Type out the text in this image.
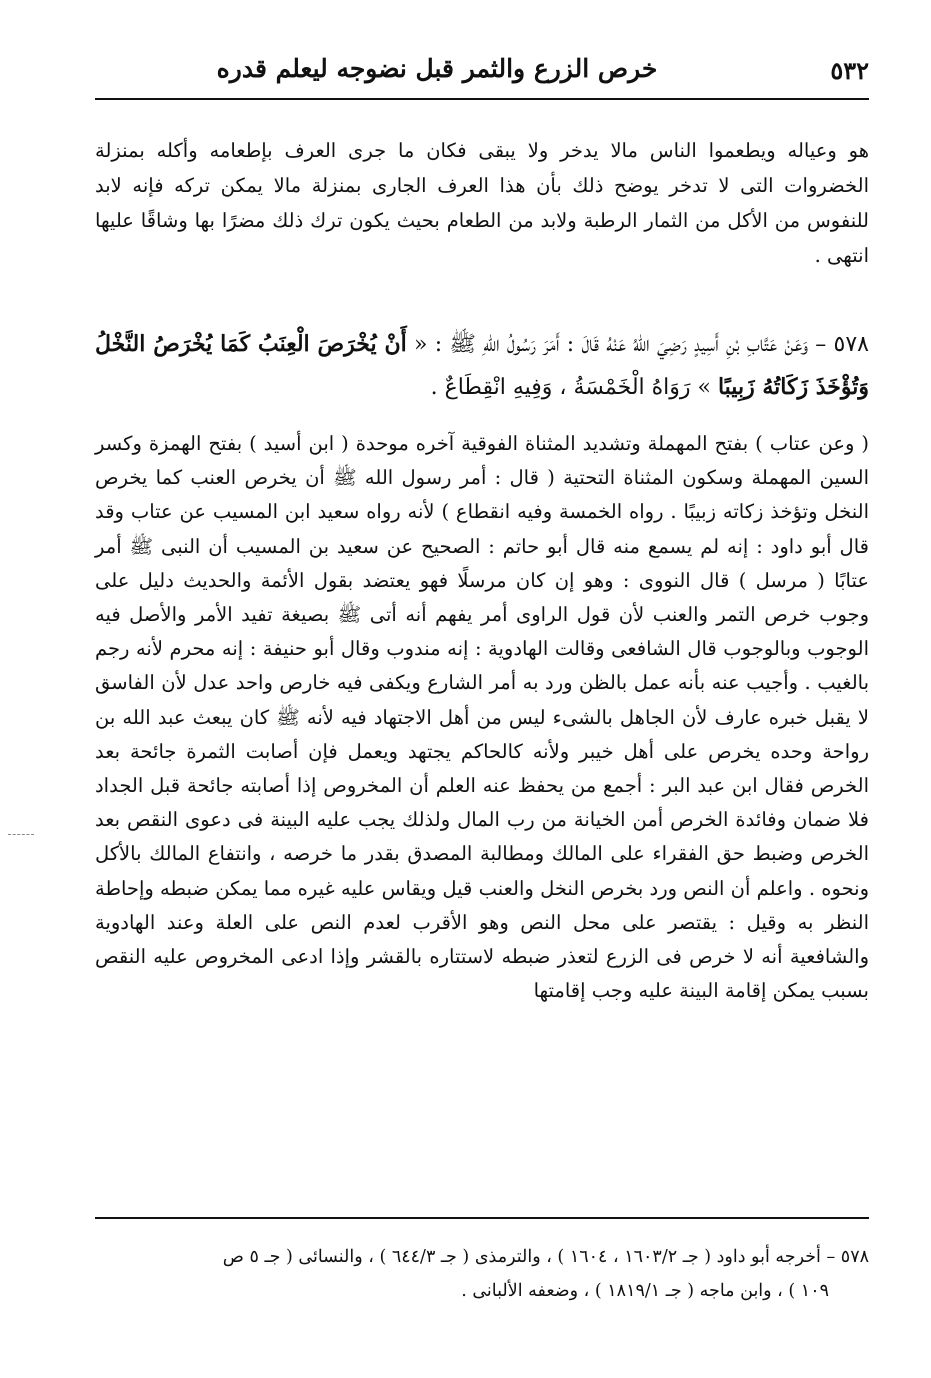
٥٣٢
خرص الزرع والثمر قبل نضوجه ليعلم قدره

هو وعياله ويطعموا الناس مالا يدخر ولا يبقى فكان ما جرى العرف بإطعامه وأكله بمنزلة الخضروات التى لا تدخر يوضح ذلك بأن هذا العرف الجارى بمنزلة مالا يمكن تركه فإنه لابد للنفوس من الأكل من الثمار الرطبة ولابد من الطعام بحيث يكون ترك ذلك مضرًا بها وشاقًا عليها انتهى .

٥٧٨ – وَعَنْ عَتَّابِ بْنِ أَسِيدٍ رَضِيَ اللهُ عَنْهُ قَالَ : أَمَرَ رَسُولُ اللهِ ﷺ : « أَنْ يُخْرَصَ الْعِنَبُ كَمَا يُخْرَصُ النَّخْلُ وَتُؤْخَذَ زَكَاتُهُ زَبِيبًا » رَوَاهُ الْخَمْسَةُ ، وَفِيهِ انْقِطَاعٌ .

( وعن عتاب ) بفتح المهملة وتشديد المثناة الفوقية آخره موحدة ( ابن أسيد ) بفتح الهمزة وكسر السين المهملة وسكون المثناة التحتية ( قال : أمر رسول الله ﷺ أن يخرص العنب كما يخرص النخل وتؤخذ زكاته زبيبًا . رواه الخمسة وفيه انقطاع ) لأنه رواه سعيد ابن المسيب عن عتاب وقد قال أبو داود : إنه لم يسمع منه قال أبو حاتم : الصحيح عن سعيد بن المسيب أن النبى ﷺ أمر عتابًا ( مرسل ) قال النووى : وهو إن كان مرسلًا فهو يعتضد بقول الأئمة والحديث دليل على وجوب خرص التمر والعنب لأن قول الراوى أمر يفهم أنه أتى ﷺ بصيغة تفيد الأمر والأصل فيه الوجوب وبالوجوب قال الشافعى وقالت الهادوية : إنه مندوب وقال أبو حنيفة : إنه محرم لأنه رجم بالغيب . وأجيب عنه بأنه عمل بالظن ورد به أمر الشارع ويكفى فيه خارص واحد عدل لأن الفاسق لا يقبل خبره عارف لأن الجاهل بالشىء ليس من أهل الاجتهاد فيه لأنه ﷺ كان يبعث عبد الله بن رواحة وحده يخرص على أهل خيبر ولأنه كالحاكم يجتهد ويعمل فإن أصابت الثمرة جائحة بعد الخرص فقال ابن عبد البر : أجمع من يحفظ عنه العلم أن المخروص إذا أصابته جائحة قبل الجداد فلا ضمان وفائدة الخرص أمن الخيانة من رب المال ولذلك يجب عليه البينة فى دعوى النقص بعد الخرص وضبط حق الفقراء على المالك ومطالبة المصدق بقدر ما خرصه ، وانتفاع المالك بالأكل ونحوه . واعلم أن النص ورد بخرص النخل والعنب قيل ويقاس عليه غيره مما يمكن ضبطه وإحاطة النظر به وقيل : يقتصر على محل النص وهو الأقرب لعدم النص على العلة وعند الهادوية والشافعية أنه لا خرص فى الزرع لتعذر ضبطه لاستتاره بالقشر وإذا ادعى المخروص عليه النقص بسبب يمكن إقامة البينة عليه وجب إقامتها

٥٧٨ – أخرجه أبو داود ( جـ ١٦٠٣/٢ ، ١٦٠٤ ) ، والترمذى ( جـ ٦٤٤/٣ ) ، والنسائى ( جـ ٥ ص
١٠٩ ) ، وابن ماجه ( جـ ١٨١٩/١ ) ، وضعفه الألبانى .
